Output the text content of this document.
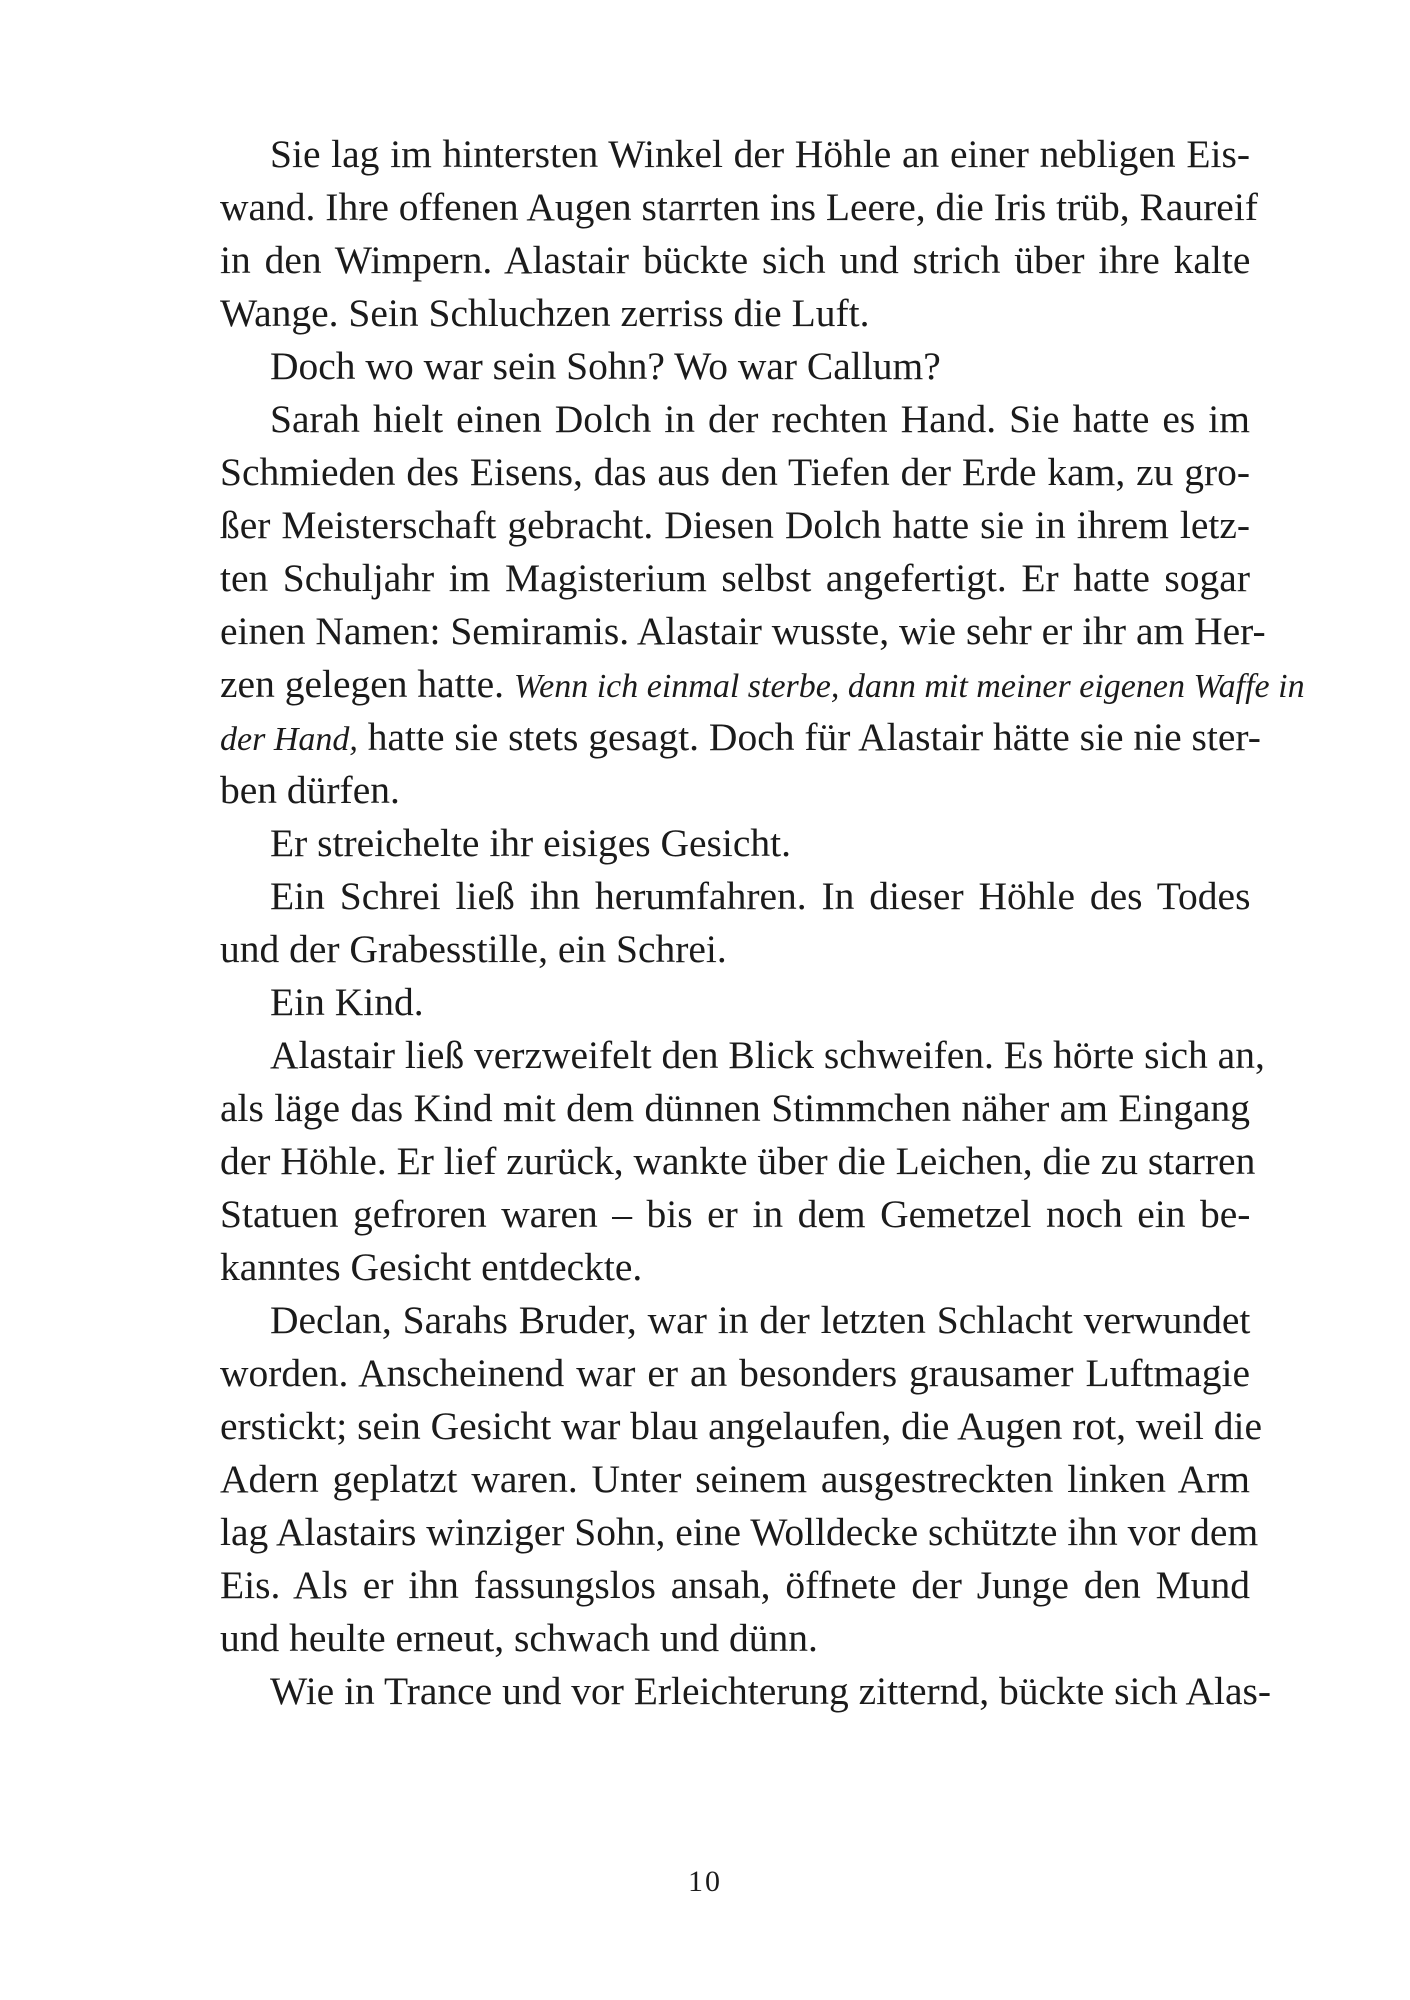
Sie lag im hintersten Winkel der Höhle an einer nebligen Eis-
wand. Ihre offenen Augen starrten ins Leere, die Iris trüb, Raureif
in den Wimpern. Alastair bückte sich und strich über ihre kalte
Wange. Sein Schluchzen zerriss die Luft.
Doch wo war sein Sohn? Wo war Callum?
Sarah hielt einen Dolch in der rechten Hand. Sie hatte es im
Schmieden des Eisens, das aus den Tiefen der Erde kam, zu gro-
ßer Meisterschaft gebracht. Diesen Dolch hatte sie in ihrem letz-
ten Schuljahr im Magisterium selbst angefertigt. Er hatte sogar
einen Namen: Semiramis. Alastair wusste, wie sehr er ihr am Her-
zen gelegen hatte. Wenn ich einmal sterbe, dann mit meiner eigenen Waffe in
der Hand, hatte sie stets gesagt. Doch für Alastair hätte sie nie ster-
ben dürfen.
Er streichelte ihr eisiges Gesicht.
Ein Schrei ließ ihn herumfahren. In dieser Höhle des Todes
und der Grabesstille, ein Schrei.
Ein Kind.
Alastair ließ verzweifelt den Blick schweifen. Es hörte sich an,
als läge das Kind mit dem dünnen Stimmchen näher am Eingang
der Höhle. Er lief zurück, wankte über die Leichen, die zu starren
Statuen gefroren waren – bis er in dem Gemetzel noch ein be-
kanntes Gesicht entdeckte.
Declan, Sarahs Bruder, war in der letzten Schlacht verwundet
worden. Anscheinend war er an besonders grausamer Luftmagie
erstickt; sein Gesicht war blau angelaufen, die Augen rot, weil die
Adern geplatzt waren. Unter seinem ausgestreckten linken Arm
lag Alastairs winziger Sohn, eine Wolldecke schützte ihn vor dem
Eis. Als er ihn fassungslos ansah, öffnete der Junge den Mund
und heulte erneut, schwach und dünn.
Wie in Trance und vor Erleichterung zitternd, bückte sich Alas-
10
